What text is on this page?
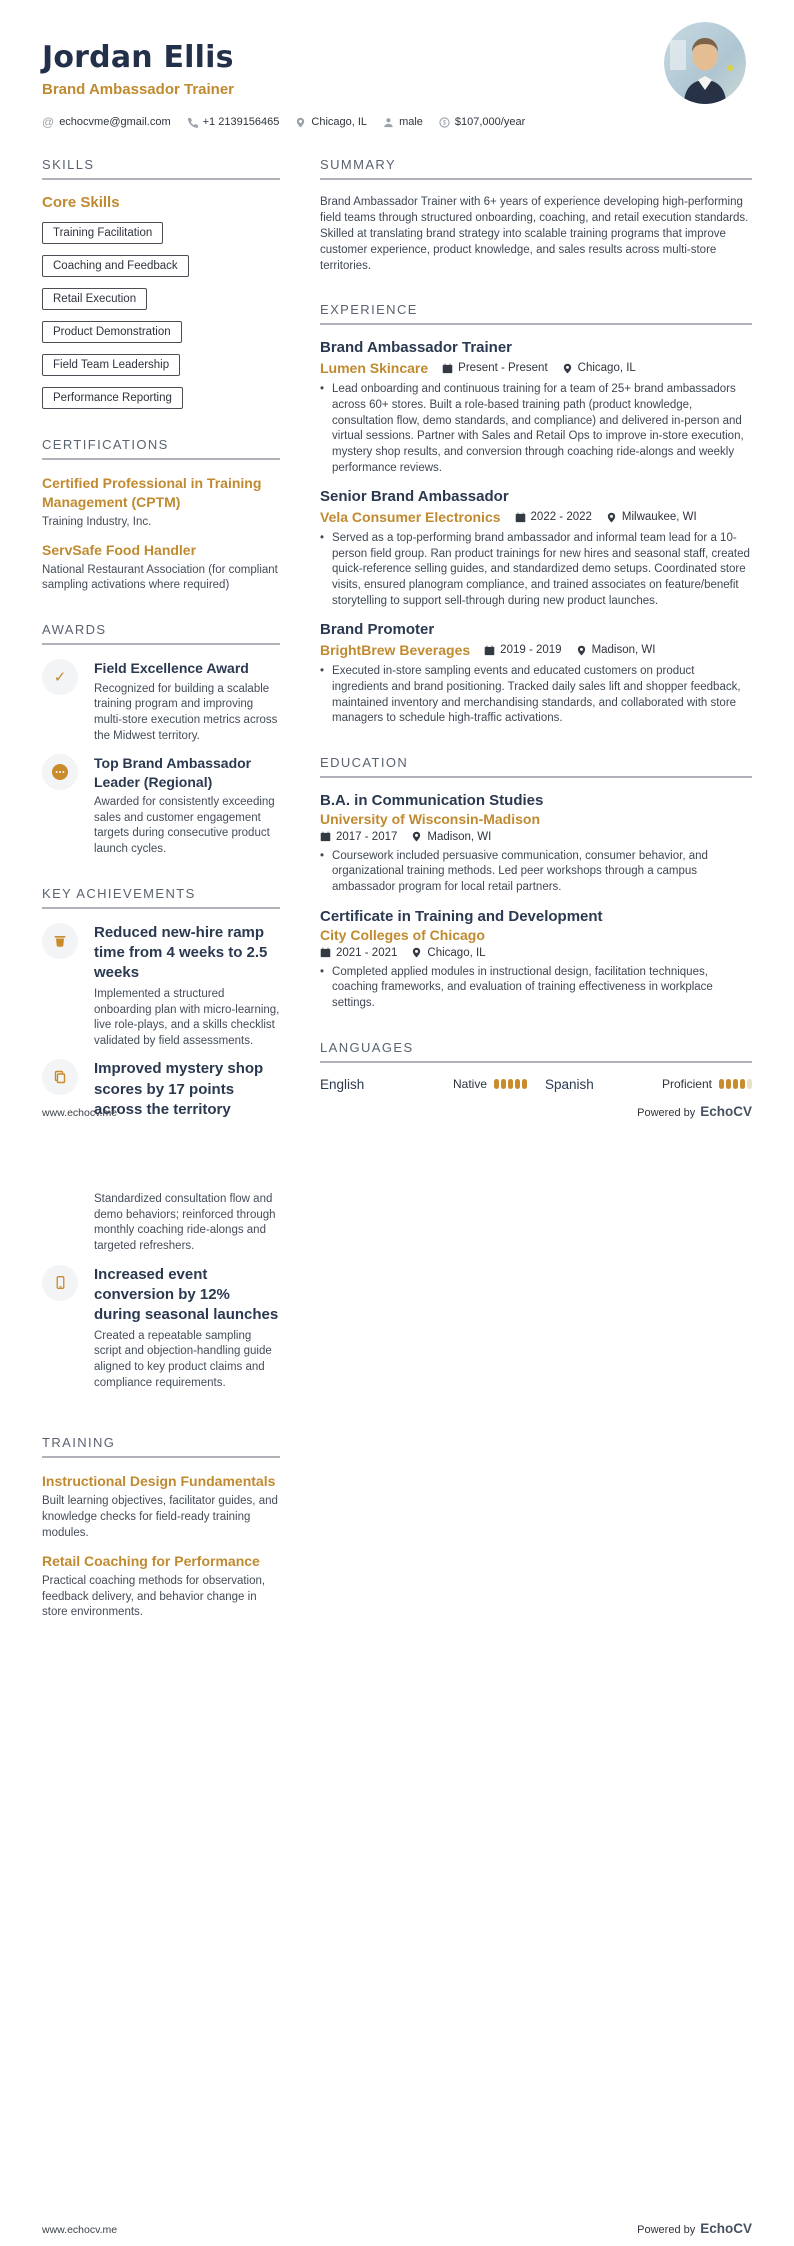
Jordan Ellis
Brand Ambassador Trainer
@ echocvme@gmail.com	+1 2139156465	Chicago, IL	male	$ $107,000/year
SKILLS
Core Skills
Training Facilitation
Coaching and Feedback
Retail Execution
Product Demonstration
Field Team Leadership
Performance Reporting
CERTIFICATIONS
Certified Professional in Training Management (CPTM)
Training Industry, Inc.
ServSafe Food Handler
National Restaurant Association (for compliant sampling activations where required)
AWARDS
✓
Field Excellence Award
Recognized for building a scalable training program and improving multi-store execution metrics across the Midwest territory.
Top Brand Ambassador Leader (Regional)
Awarded for consistently exceeding sales and customer engagement targets during consecutive product launch cycles.
KEY ACHIEVEMENTS
Reduced new-hire ramp time from 4 weeks to 2.5 weeks
Implemented a structured onboarding plan with micro-learning, live role-plays, and a skills checklist validated by field assessments.
Improved mystery shop scores by 17 points across the territory
SUMMARY
Brand Ambassador Trainer with 6+ years of experience developing high-performing field teams through structured onboarding, coaching, and retail execution standards. Skilled at translating brand strategy into scalable training programs that improve customer experience, product knowledge, and sales results across multi-store territories.
EXPERIENCE
Brand Ambassador Trainer
Lumen Skincare	Present - Present	Chicago, IL
• Lead onboarding and continuous training for a team of 25+ brand ambassadors across 60+ stores. Built a role-based training path (product knowledge, consultation flow, demo standards, and compliance) and delivered in-person and virtual sessions. Partner with Sales and Retail Ops to improve in-store execution, mystery shop results, and conversion through coaching ride-alongs and weekly performance reviews.
Senior Brand Ambassador
Vela Consumer Electronics	2022 - 2022	Milwaukee, WI
• Served as a top-performing brand ambassador and informal team lead for a 10-person field group. Ran product trainings for new hires and seasonal staff, created quick-reference selling guides, and standardized demo setups. Coordinated store visits, ensured planogram compliance, and trained associates on feature/benefit storytelling to support sell-through during new product launches.
Brand Promoter
BrightBrew Beverages	2019 - 2019	Madison, WI
• Executed in-store sampling events and educated customers on product ingredients and brand positioning. Tracked daily sales lift and shopper feedback, maintained inventory and merchandising standards, and collaborated with store managers to schedule high-traffic activations.
EDUCATION
B.A. in Communication Studies
University of Wisconsin-Madison
2017 - 2017	Madison, WI
• Coursework included persuasive communication, consumer behavior, and organizational training methods. Led peer workshops through a campus ambassador program for local retail partners.
Certificate in Training and Development
City Colleges of Chicago
2021 - 2021	Chicago, IL
• Completed applied modules in instructional design, facilitation techniques, coaching frameworks, and evaluation of training effectiveness in workplace settings.
LANGUAGES
English	Native	Spanish	Proficient
www.echocv.me	Powered by EchoCV
Standardized consultation flow and demo behaviors; reinforced through monthly coaching ride-alongs and targeted refreshers.
Increased event conversion by 12% during seasonal launches
Created a repeatable sampling script and objection-handling guide aligned to key product claims and compliance requirements.
TRAINING
Instructional Design Fundamentals
Built learning objectives, facilitator guides, and knowledge checks for field-ready training modules.
Retail Coaching for Performance
Practical coaching methods for observation, feedback delivery, and behavior change in store environments.
www.echocv.me	Powered by EchoCV
